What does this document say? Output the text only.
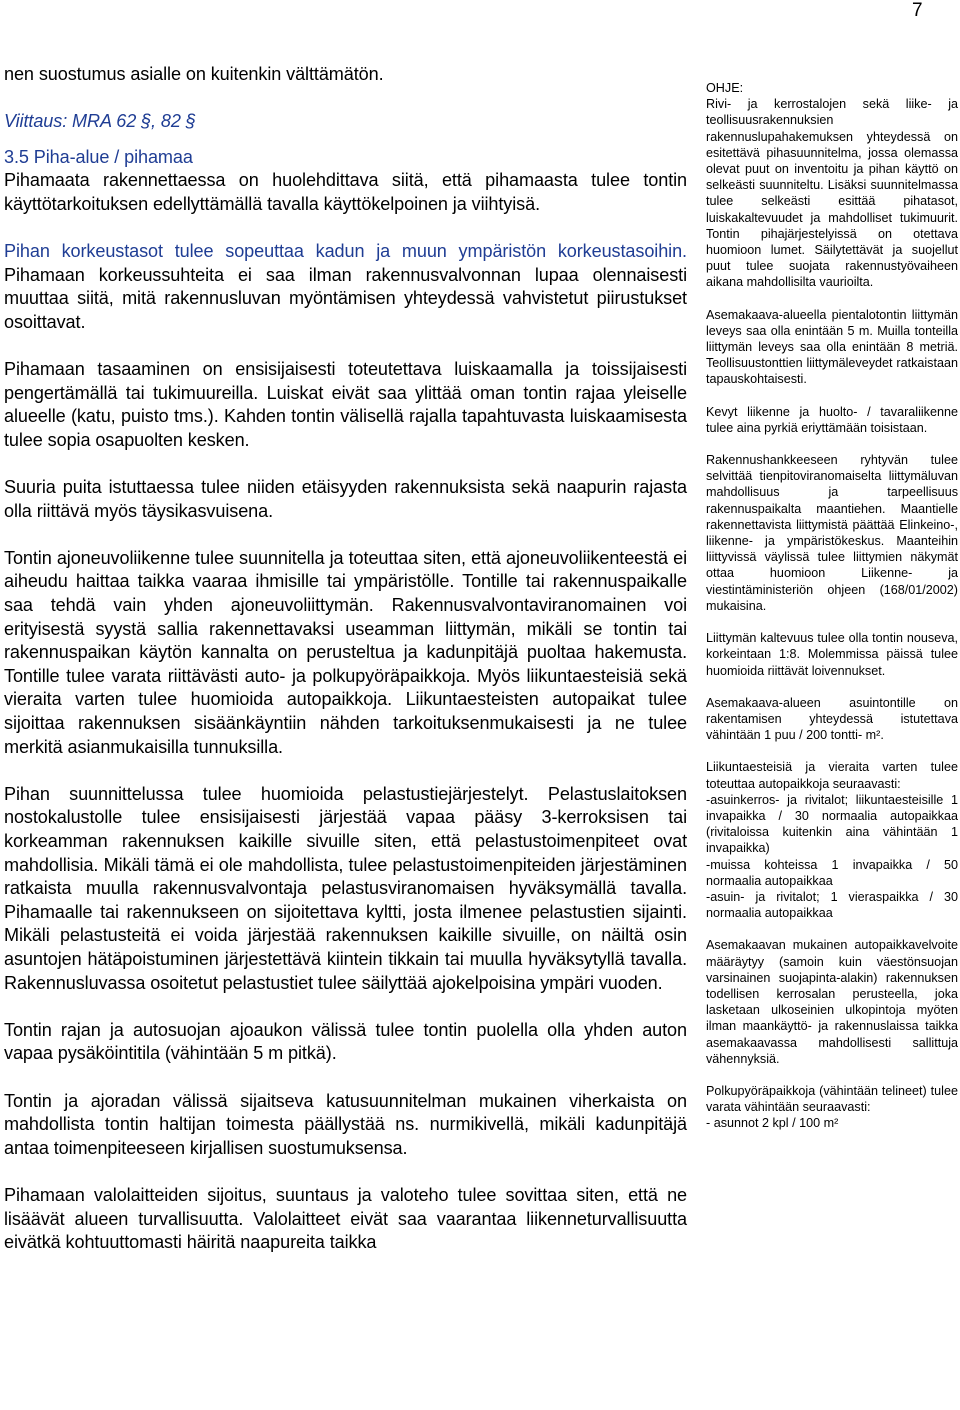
7

nen suostumus asialle on kuitenkin välttämätön.

Viittaus: MRA 62 §, 82 §

3.5 Piha-alue / pihamaa

Pihamaata rakennettaessa on huolehdittava siitä, että pihamaasta tulee tontin käyttötarkoituksen edellyttämällä tavalla käyttökelpoinen ja viihtyisä.

Pihan korkeustasot tulee sopeuttaa kadun ja muun ympäristön korkeustasoihin. Pihamaan korkeussuhteita ei saa ilman rakennusvalvonnan lupaa olennaisesti muuttaa siitä, mitä rakennusluvan myöntämisen yhteydessä vahvistetut piirustukset osoittavat.

Pihamaan tasaaminen on ensisijaisesti toteutettava luiskaamalla ja toissijaisesti pengertämällä tai tukimuureilla. Luiskat eivät saa ylittää oman tontin rajaa yleiselle alueelle (katu, puisto tms.). Kahden tontin välisellä rajalla tapahtuvasta luiskaamisesta tulee sopia osapuolten kesken.

Suuria puita istuttaessa tulee niiden etäisyyden rakennuksista sekä naapurin rajasta olla riittävä myös täysikasvuisena.

Tontin ajoneuvoliikenne tulee suunnitella ja toteuttaa siten, että ajoneuvoliikenteestä ei aiheudu haittaa taikka vaaraa ihmisille tai ympäristölle. Tontille tai rakennuspaikalle saa tehdä vain yhden ajoneuvoliittymän. Rakennusvalvontaviranomainen voi erityisestä syystä sallia rakennettavaksi useamman liittymän, mikäli se tontin tai rakennuspaikan käytön kannalta on perusteltua ja kadunpitäjä puoltaa hakemusta. Tontille tulee varata riittävästi auto- ja polkupyöräpaikkoja. Myös liikuntaesteisiä sekä vieraita varten tulee huomioida autopaikkoja. Liikuntaesteisten autopaikat tulee sijoittaa rakennuksen sisäänkäyntiin nähden tarkoituksenmukaisesti ja ne tulee merkitä asianmukaisilla tunnuksilla.

Pihan suunnittelussa tulee huomioida pelastustiejärjestelyt. Pelastuslaitoksen nostokalustolle tulee ensisijaisesti järjestää vapaa pääsy 3-kerroksisen tai korkeamman rakennuksen kaikille sivuille siten, että pelastustoimenpiteet ovat mahdollisia. Mikäli tämä ei ole mahdollista, tulee pelastustoimenpiteiden järjestäminen ratkaista muulla rakennusvalvontaja pelastusviranomaisen hyväksymällä tavalla. Pihamaalle tai rakennukseen on sijoitettava kyltti, josta ilmenee pelastustien sijainti. Mikäli pelastusteitä ei voida järjestää rakennuksen kaikille sivuille, on näiltä osin asuntojen hätäpoistuminen järjestettävä kiintein tikkain tai muulla hyväksytyllä tavalla. Rakennusluvassa osoitetut pelastustiet tulee säilyttää ajokelpoisina ympäri vuoden.

Tontin rajan ja autosuojan ajoaukon välissä tulee tontin puolella olla yhden auton vapaa pysäköintitila (vähintään 5 m pitkä).

Tontin ja ajoradan välissä sijaitseva katusuunnitelman mukainen viherkaista on mahdollista tontin haltijan toimesta päällystää ns. nurmikivellä, mikäli kadunpitäjä antaa toimenpiteeseen kirjallisen suostumuksensa.

Pihamaan valolaitteiden sijoitus, suuntaus ja valoteho tulee sovittaa siten, että ne lisäävät alueen turvallisuutta. Valolaitteet eivät saa vaarantaa liikenneturvallisuutta eivätkä kohtuuttomasti häiritä naapureita taikka

OHJE:

Rivi- ja kerrostalojen sekä liike- ja teollisuusrakennuksien rakennuslupahakemuksen yhteydessä on esitettävä pihasuunnitelma, jossa olemassa olevat puut on inventoitu ja pihan käyttö on selkeästi suunniteltu. Lisäksi suunnitelmassa tulee selkeästi esittää pihatasot, luiskakaltevuudet ja mahdolliset tukimuurit. Tontin pihajärjestelyissä on otettava huomioon lumet. Säilytettävät ja suojellut puut tulee suojata rakennustyövaiheen aikana mahdollisilta vaurioilta.

Asemakaava-alueella pientalotontin liittymän leveys saa olla enintään 5 m. Muilla tonteilla liittymän leveys saa olla enintään 8 metriä. Teollisuustonttien liittymäleveydet ratkaistaan tapauskohtaisesti.

Kevyt liikenne ja huolto- / tavaraliikenne tulee aina pyrkiä eriyttämään toisistaan.

Rakennushankkeeseen ryhtyvän tulee selvittää tienpitoviranomaiselta liittymäluvan mahdollisuus ja tarpeellisuus rakennuspaikalta maantiehen. Maantielle rakennettavista liittymistä päättää Elinkeino-, liikenne- ja ympäristökeskus. Maanteihin liittyvissä väylissä tulee liittymien näkymät ottaa huomioon Liikenne- ja viestintäministeriön ohjeen (168/01/2002) mukaisina.

Liittymän kaltevuus tulee olla tontin nouseva, korkeintaan 1:8. Molemmissa päissä tulee huomioida riittävät loivennukset.

Asemakaava-alueen asuintontille on rakentamisen yhteydessä istutettava vähintään 1 puu / 200 tontti- m².

Liikuntaesteisiä ja vieraita varten tulee toteuttaa autopaikkoja seuraavasti:

-asuinkerros- ja rivitalot; liikuntaesteisille 1 invapaikka / 30 normaalia autopaikkaa (rivitaloissa kuitenkin aina vähintään 1 invapaikka)

-muissa kohteissa 1 invapaikka / 50 normaalia autopaikkaa

-asuin- ja rivitalot; 1 vieraspaikka / 30 normaalia autopaikkaa

Asemakaavan mukainen autopaikkavelvoite määräytyy (samoin kuin väestönsuojan varsinainen suojapinta-alakin) rakennuksen todellisen kerrosalan perusteella, joka lasketaan ulkoseinien ulkopintoja myöten ilman maankäyttö- ja rakennuslaissa taikka asemakaavassa mahdollisesti sallittuja vähennyksiä.

Polkupyöräpaikkoja (vähintään telineet) tulee varata vähintään seuraavasti:

- asunnot 2 kpl / 100 m²
